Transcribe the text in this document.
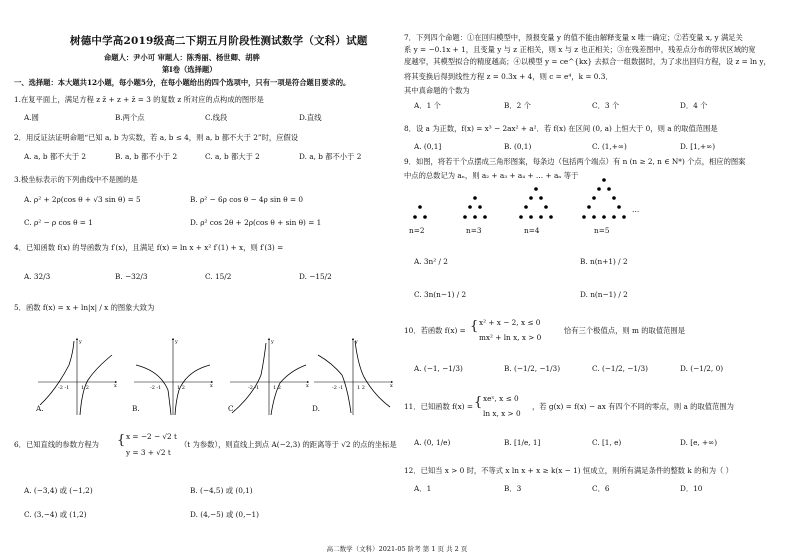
树德中学高2019级高二下期五月阶段性测试数学（文科）试题
命题人：尹小可 审题人：陈秀丽、杨世卿、胡骅
第Ⅰ卷（选择题）
一、选择题：本大题共12小题，每小题5分，在每小题给出的四个选项中，只有一项是符合题目要求的。
1.在复平面上，满足方程 z z̄ + z + z̄ = 3 的复数 z 所对应的点构成的图形是
A.圆	B.两个点	C.线段	D.直线
2．用反证法证明命题“已知 a, b 为实数，若 a, b ≤ 4，则 a, b 都不大于 2”时，应假设
A. a, b 都不大于 2	B. a, b 都不小于 2	C. a, b 都大于 2	D. a, b 都不小于 2
3.极坐标表示的下列曲线中不是圆的是
A. ρ² + 2ρ(cos θ + √3 sin θ) = 5	B. ρ² − 6ρ cos θ − 4ρ sin θ = 0
C. ρ² − ρ cos θ = 1	D. ρ² cos 2θ + 2ρ(cos θ + sin θ) = 1
4．已知函数 f(x) 的导函数为 f′(x)，且满足 f(x) = ln x + x² f′(1) + x，则 f′(3) =
A. 32/3	B. −32/3	C. 15/2	D. −15/2
5．函数 f(x) = x + ln|x| / x 的图象大致为
-2 -1 1 2	x
y
-2 -1	1 2	x
y
-2 -1	1 2	x
y
-2 -1	1 2	x
y
A.	B.	C.	D.
6．已知直线的参数方程为 { x = −2 − √2 t
y = 3 + √2 t
（t 为参数），则直线上到点 A(−2,3) 的距离等于 √2 的点的坐标是
A. (−3,4) 或 (−1,2)	B. (−4,5) 或 (0,1)
C. (3,−4) 或 (1,2)	D. (4,−5) 或 (0,−1)
7．下列四个命题：①在回归模型中，预报变量 y 的值不能由解释变量 x 唯一确定；②若变量 x, y 满足关
系 y = −0.1x + 1，且变量 y 与 z 正相关，则 x 与 z 也正相关；③在残差图中，残差点分布的带状区域的宽
度越窄，其模型拟合的精度越高；④以模型 y = ce^{kx} 去拟合一组数据时，为了求出回归方程，设 z = ln y，
将其变换后得到线性方程 z = 0.3x + 4，则 c = e⁴，k = 0.3．
其中真命题的个数为
A．1 个	B．2 个	C．3 个	D．4 个
8．设 a 为正数，f(x) = x³ − 2ax² + a²．若 f(x) 在区间 (0, a) 上恒大于 0，则 a 的取值范围是
A. (0,1]	B. (0,1)	C. (1,+∞)	D. [1,+∞)
9．如图，将若干个点摆成三角形图案，每条边（包括两个端点）有 n (n ≥ 2, n ∈ N*) 个点，相应的图案
中点的总数记为 aₙ，则 a₂ + a₃ + a₄ + … + aₙ 等于
n=2	n=3	n=4	n=5
…
A. 3n² / 2	B. n(n+1) / 2
C. 3n(n−1) / 2	D. n(n−1) / 2
10．若函数 f(x) = { x² + x − 2, x ≤ 0
mx² + ln x, x > 0
恰有三个极值点，则 m 的取值范围是
A. (−1, −1/3)	B. (−1/2, −1/3)	C. (−1/2, −1/3)	D. (−1/2, 0)
11．已知函数 f(x) = { xeˣ, x ≤ 0
ln x, x > 0
，若 g(x) = f(x) − ax 有四个不同的零点，则 a 的取值范围为
A. (0, 1/e)	B. [1/e, 1]	C. [1, e)	D. [e, +∞)
12．已知当 x > 0 时，不等式 x ln x + x ≥ k(x − 1) 恒成立，则所有满足条件的整数 k 的和为（ ）
A．1	B．3	C．6	D．10
高二数学（文科）2021-05 阶考 第 1 页 共 2 页
